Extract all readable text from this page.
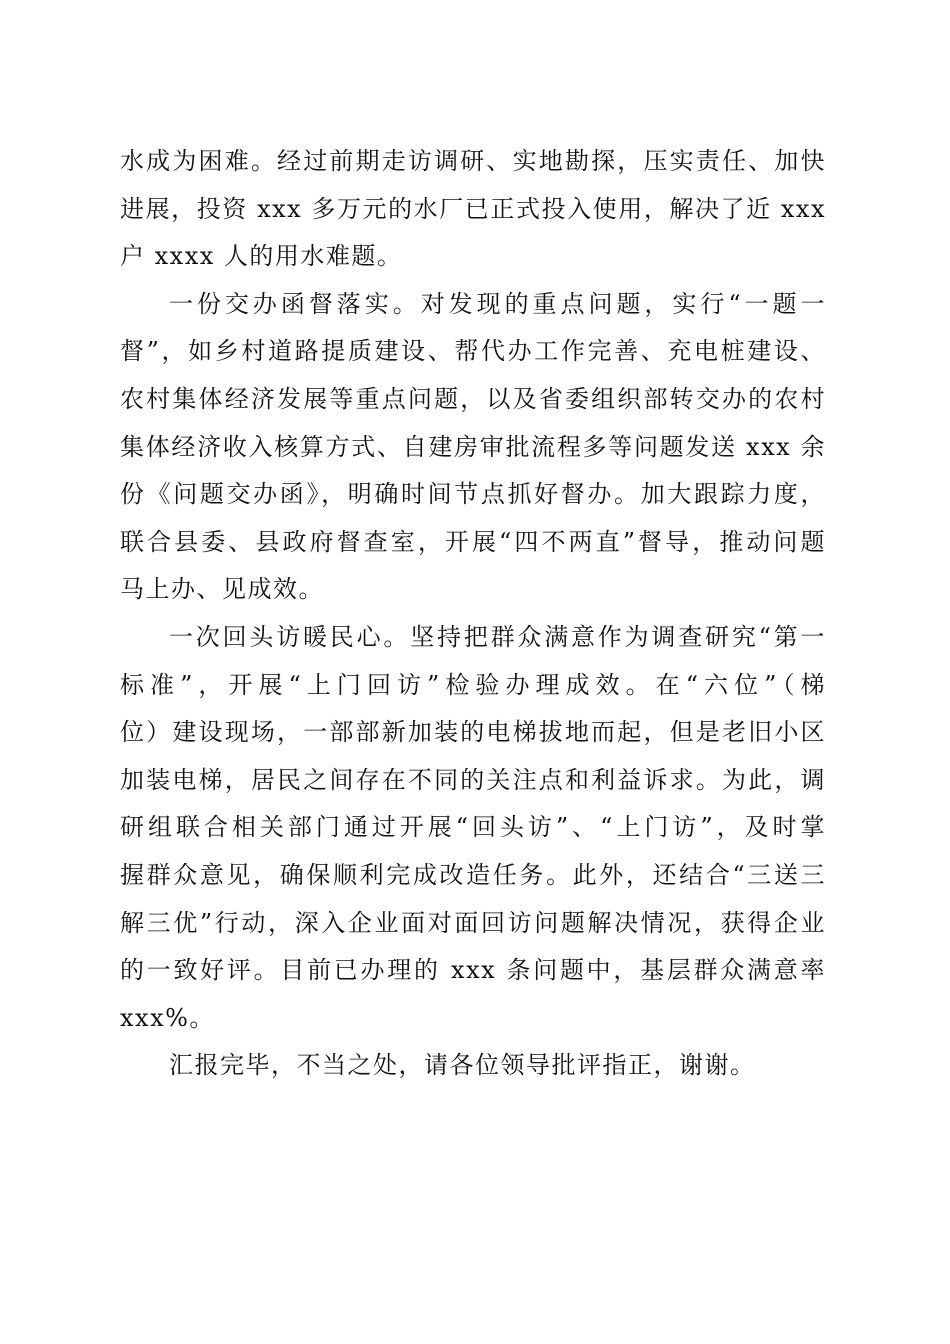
水成为困难。经过前期走访调研、实地勘探，压实责任、加快
进展，投资 xxx 多万元的水厂已正式投入使用，解决了近 xxx
户 xxxx 人的用水难题。

一份交办函督落实。对发现的重点问题，实行“一题一
督”，如乡村道路提质建设、帮代办工作完善、充电桩建设、
农村集体经济发展等重点问题，以及省委组织部转交办的农村
集体经济收入核算方式、自建房审批流程多等问题发送 xxx 余
份《问题交办函》，明确时间节点抓好督办。加大跟踪力度，
联合县委、县政府督查室，开展“四不两直”督导，推动问题
马上办、见成效。

一次回头访暖民心。坚持把群众满意作为调查研究“第一
标准”，开展“上门回访”检验办理成效。在“六位”（梯
位）建设现场，一部部新加装的电梯拔地而起，但是老旧小区
加装电梯，居民之间存在不同的关注点和利益诉求。为此，调
研组联合相关部门通过开展“回头访”、“上门访”，及时掌
握群众意见，确保顺利完成改造任务。此外，还结合“三送三
解三优”行动，深入企业面对面回访问题解决情况，获得企业
的一致好评。目前已办理的 xxx 条问题中，基层群众满意率
xxx%。

汇报完毕，不当之处，请各位领导批评指正，谢谢。
